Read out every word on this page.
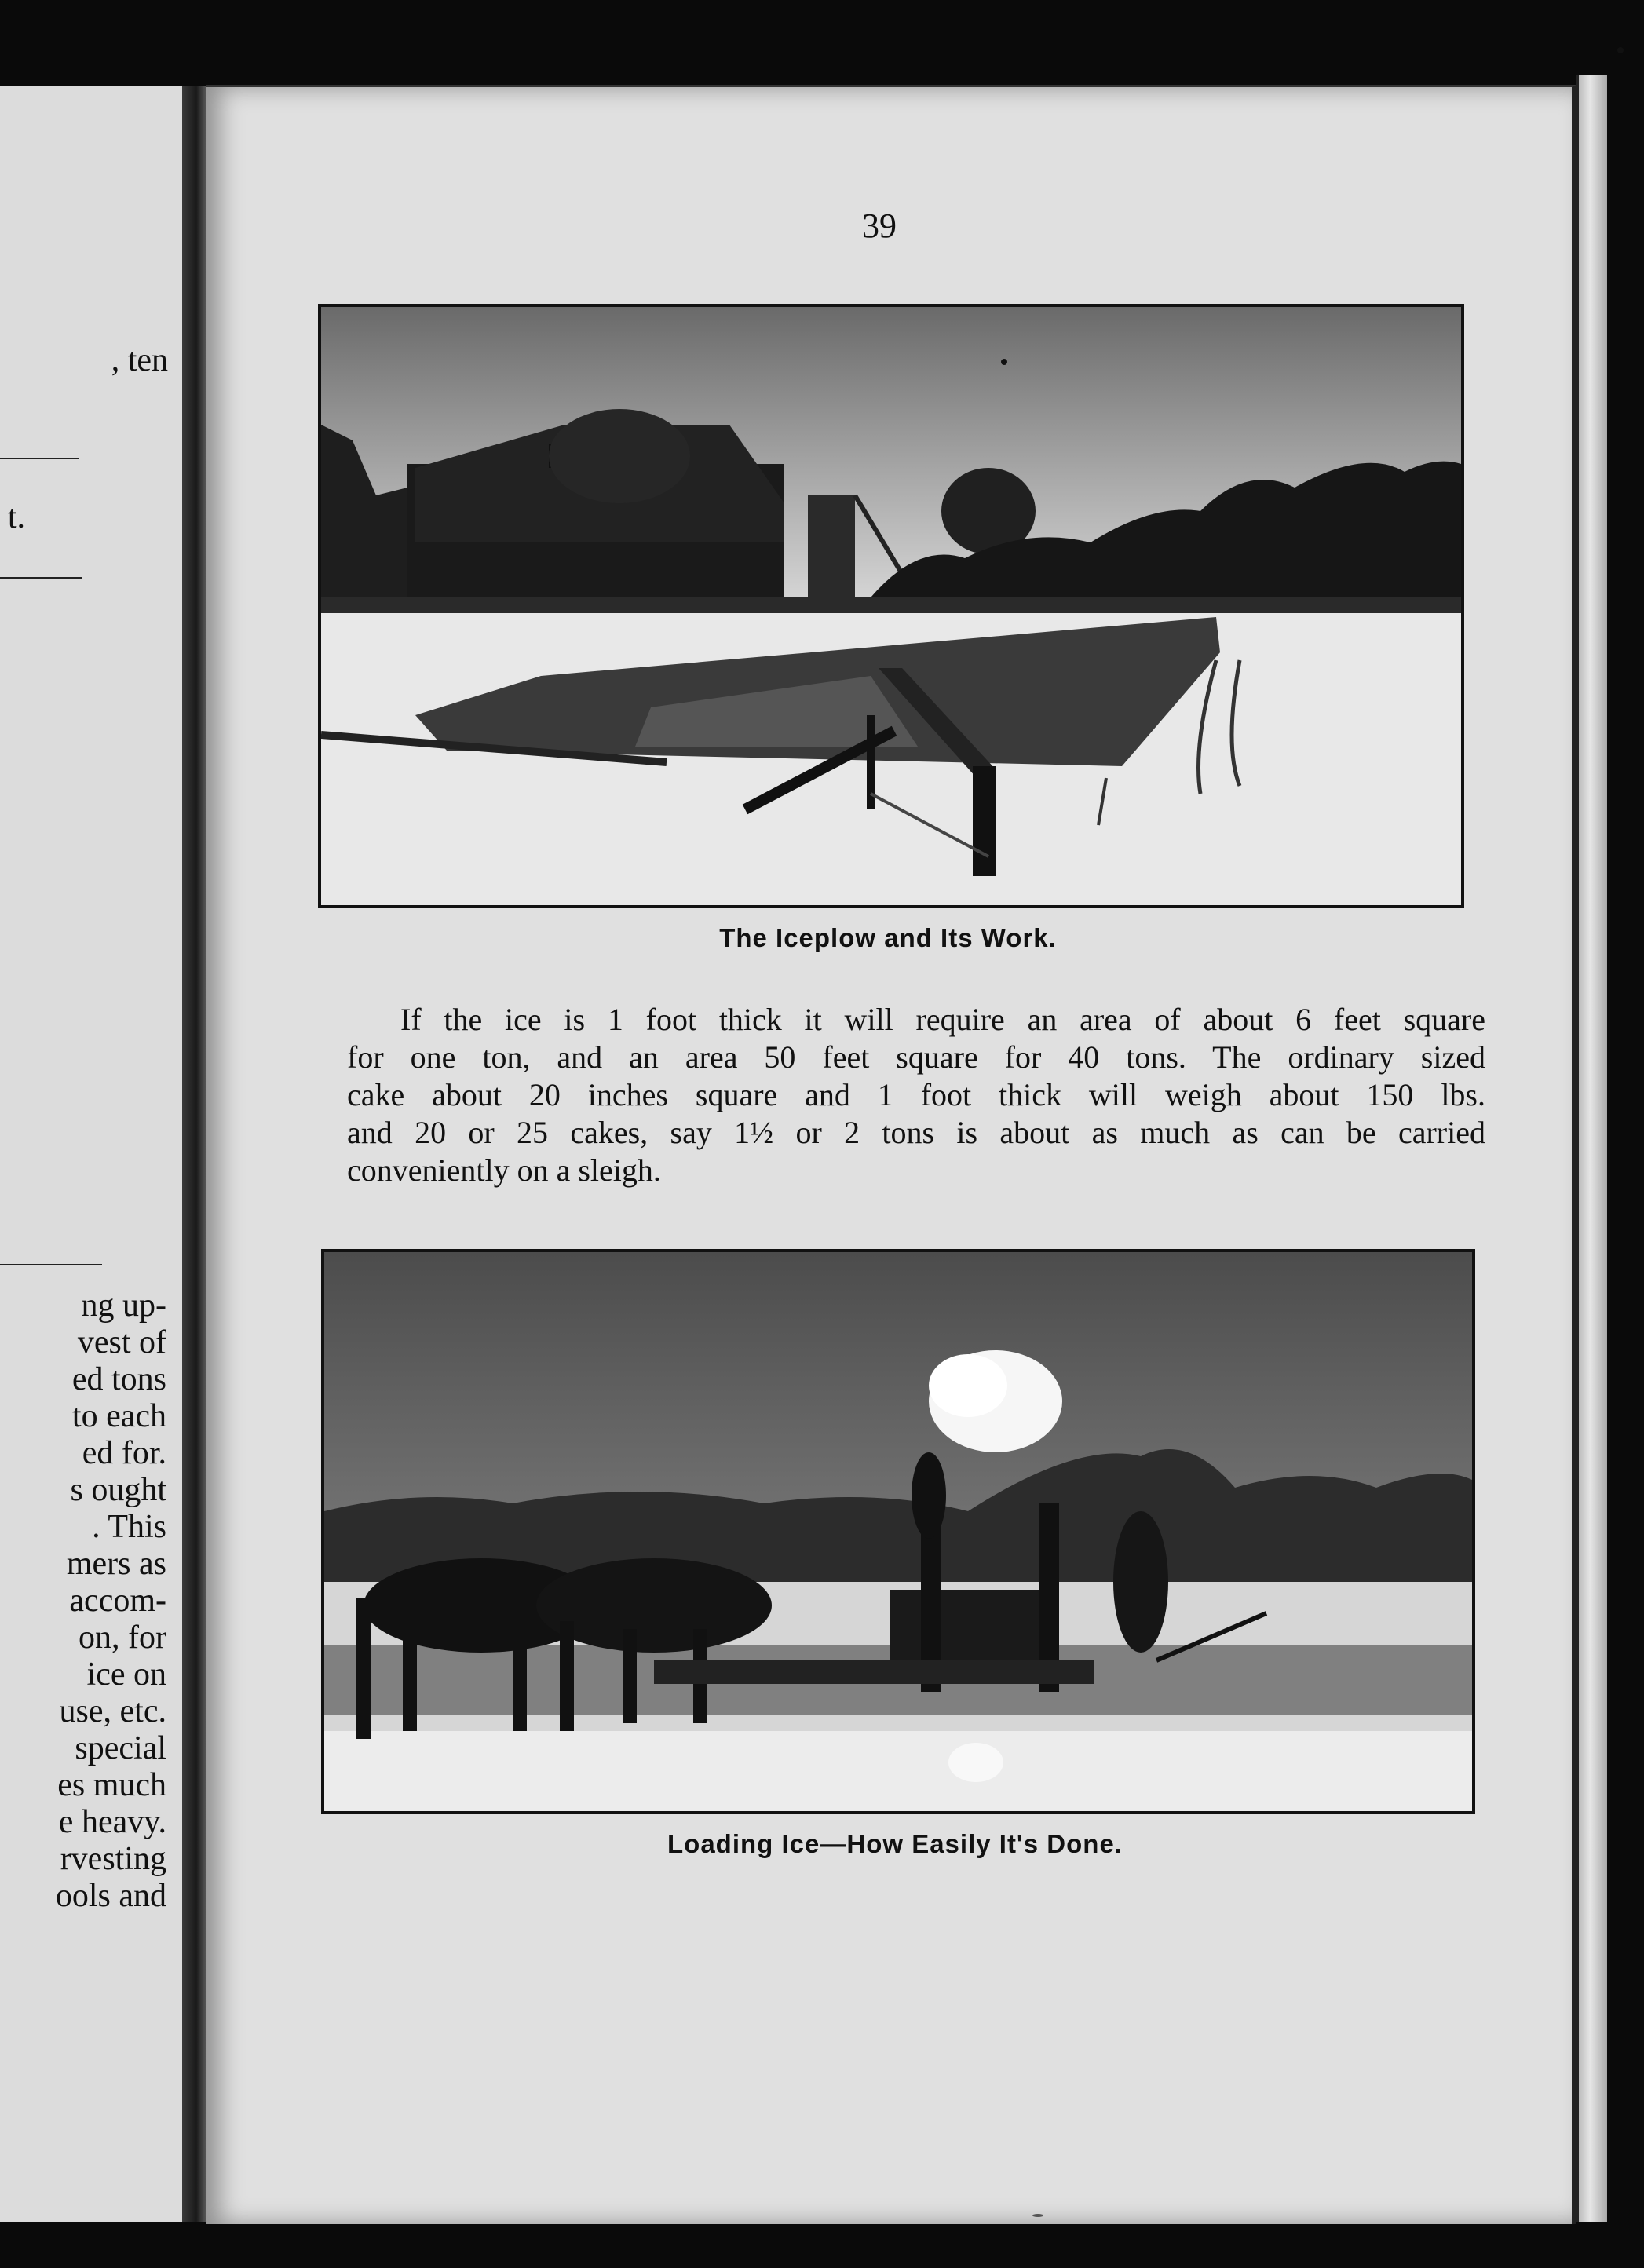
, ten
t.
ng up-
vest of
ed tons
to each
ed for.
s ought
. This
mers as
accom-
on, for
ice on
use, etc.
special
es much
e heavy.
rvesting
ools and
39
The Iceplow and Its Work.
If the ice is 1 foot thick it will require an area of about 6 feet square
for one ton, and an area 50 feet square for 40 tons. The ordinary sized
cake about 20 inches square and 1 foot thick will weigh about 150 lbs.
and 20 or 25 cakes, say 1½ or 2 tons is about as much as can be carried
conveniently on a sleigh.
Loading Ice—How Easily It's Done.
